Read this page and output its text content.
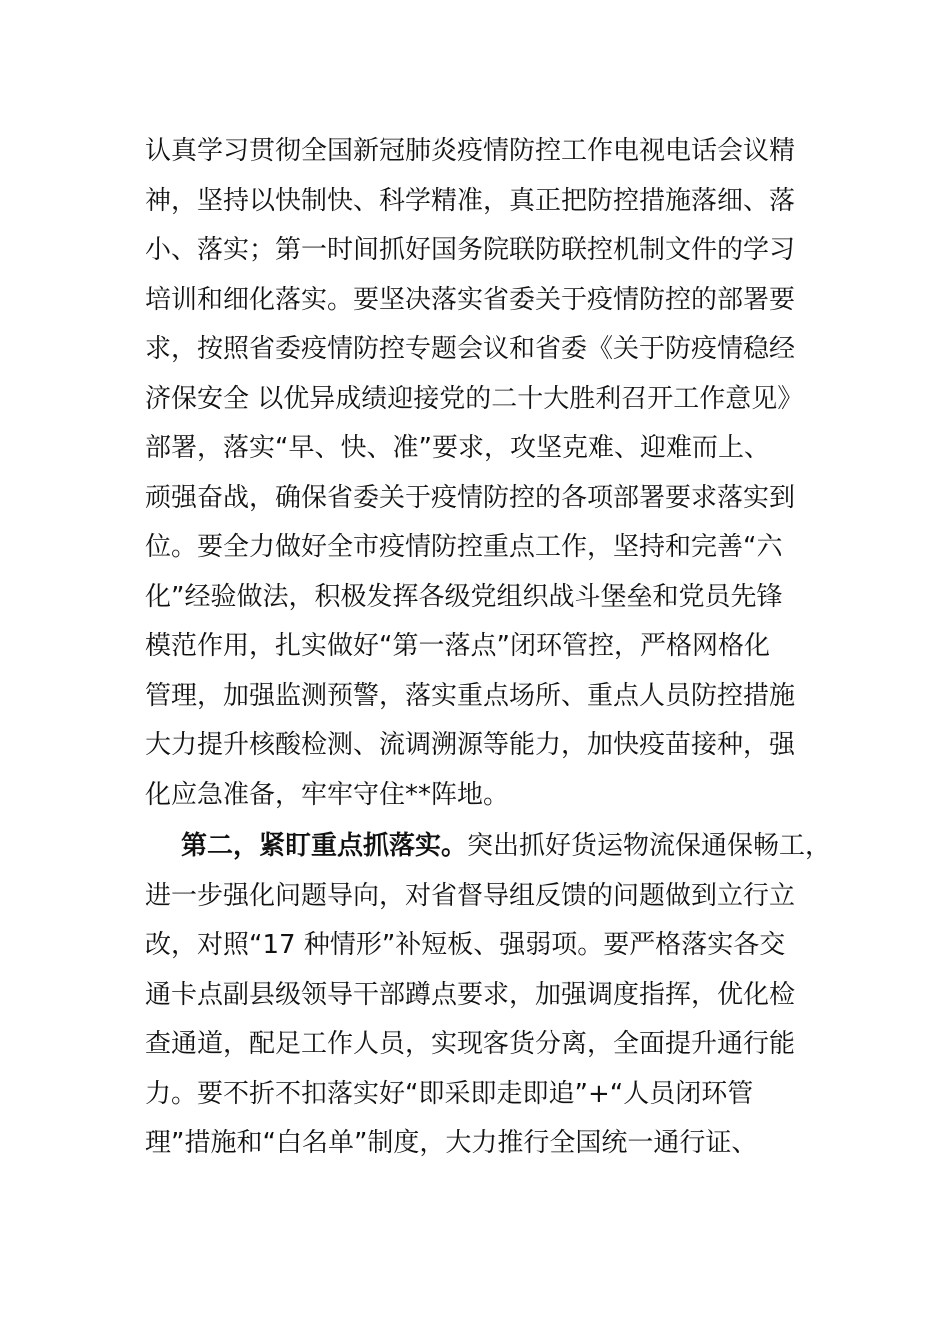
认真学习贯彻全国新冠肺炎疫情防控工作电视电话会议精
神，坚持以快制快、科学精准，真正把防控措施落细、落
小、落实；第一时间抓好国务院联防联控机制文件的学习
培训和细化落实。要坚决落实省委关于疫情防控的部署要
求，按照省委疫情防控专题会议和省委《关于防疫情稳经
济保安全 以优异成绩迎接党的二十大胜利召开工作意见》
部署，落实“早、快、准”要求，攻坚克难、迎难而上、
顽强奋战，确保省委关于疫情防控的各项部署要求落实到
位。要全力做好全市疫情防控重点工作，坚持和完善“六
化”经验做法，积极发挥各级党组织战斗堡垒和党员先锋
模范作用，扎实做好“第一落点”闭环管控，严格网格化
管理，加强监测预警，落实重点场所、重点人员防控措施
大力提升核酸检测、流调溯源等能力，加快疫苗接种，强
化应急准备，牢牢守住**阵地。
第二，紧盯重点抓落实。突出抓好货运物流保通保畅工，
进一步强化问题导向，对省督导组反馈的问题做到立行立
改，对照“17 种情形”补短板、强弱项。要严格落实各交
通卡点副县级领导干部蹲点要求，加强调度指挥，优化检
查通道，配足工作人员，实现客货分离，全面提升通行能
力。要不折不扣落实好“即采即走即追”+“人员闭环管
理”措施和“白名单”制度，大力推行全国统一通行证、
